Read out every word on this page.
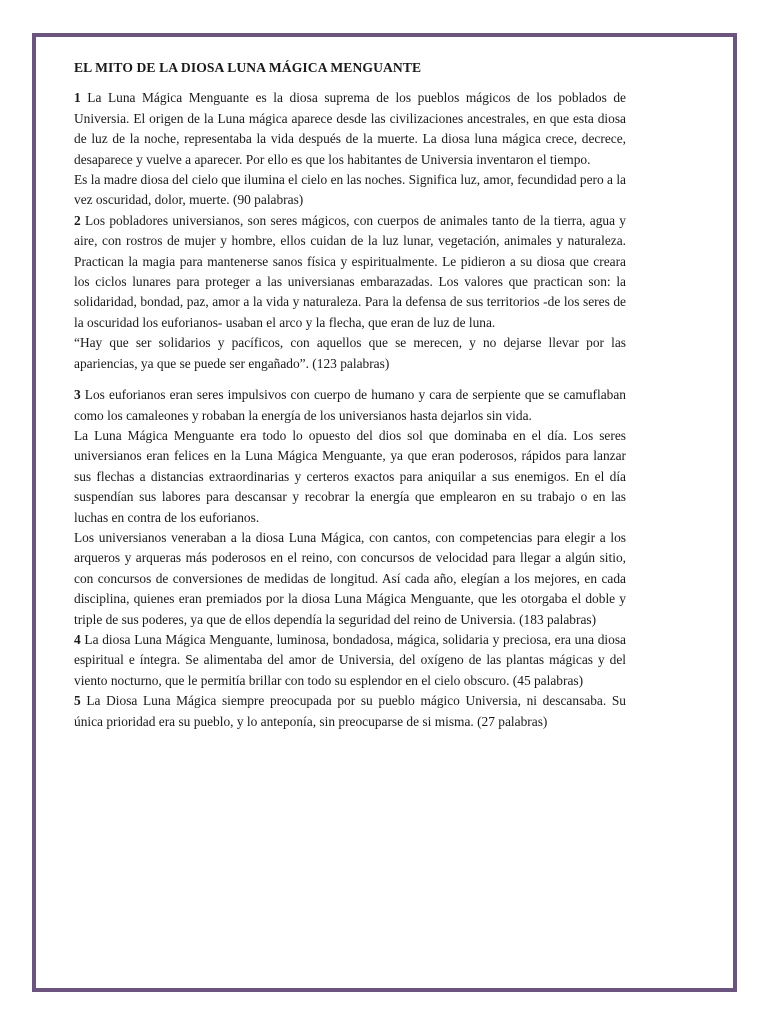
EL MITO DE LA DIOSA LUNA MÁGICA MENGUANTE

1 La Luna Mágica Menguante es la diosa suprema de los pueblos mágicos de los poblados de Universia. El origen de la Luna mágica aparece desde las civilizaciones ancestrales, en que esta diosa de luz de la noche, representaba la vida después de la muerte. La diosa luna mágica crece, decrece, desaparece y vuelve a aparecer. Por ello es que los habitantes de Universia inventaron el tiempo.

Es la madre diosa del cielo que ilumina el cielo en las noches. Significa luz, amor, fecundidad pero a la vez oscuridad, dolor, muerte. (90 palabras)

2 Los pobladores universianos, son seres mágicos, con cuerpos de animales tanto de la tierra, agua y aire, con rostros de mujer y hombre, ellos cuidan de la luz lunar, vegetación, animales y naturaleza. Practican la magia para mantenerse sanos física y espiritualmente. Le pidieron a su diosa que creara los ciclos lunares para proteger a las universianas embarazadas. Los valores que practican son: la solidaridad, bondad, paz, amor a la vida y naturaleza. Para la defensa de sus territorios -de los seres de la oscuridad los euforianos- usaban el arco y la flecha, que eran de luz de luna.

“Hay que ser solidarios y pacíficos, con aquellos que se merecen, y no dejarse llevar por las apariencias, ya que se puede ser engañado”. (123 palabras)

3 Los euforianos eran seres impulsivos con cuerpo de humano y cara de serpiente que se camuflaban como los camaleones y robaban la energía de los universianos hasta dejarlos sin vida.

La Luna Mágica Menguante era todo lo opuesto del dios sol que dominaba en el día. Los seres universianos eran felices en la Luna Mágica Menguante, ya que eran poderosos, rápidos para lanzar sus flechas a distancias extraordinarias y certeros exactos para aniquilar a sus enemigos. En el día suspendían sus labores para descansar y recobrar la energía que emplearon en su trabajo o en las luchas en contra de los euforianos.

Los universianos veneraban a la diosa Luna Mágica, con cantos, con competencias para elegir a los arqueros y arqueras más poderosos en el reino, con concursos de velocidad para llegar a algún sitio, con concursos de conversiones de medidas de longitud. Así cada año, elegían a los mejores, en cada disciplina, quienes eran premiados por la diosa Luna Mágica Menguante, que les otorgaba el doble y triple de sus poderes, ya que de ellos dependía la seguridad del reino de Universia. (183 palabras)

4 La diosa Luna Mágica Menguante, luminosa, bondadosa, mágica, solidaria y preciosa, era una diosa espiritual e íntegra. Se alimentaba del amor de Universia, del oxígeno de las plantas mágicas y del viento nocturno, que le permitía brillar con todo su esplendor en el cielo obscuro. (45 palabras)

5 La Diosa Luna Mágica siempre preocupada por su pueblo mágico Universia, ni descansaba. Su única prioridad era su pueblo, y lo anteponía, sin preocuparse de si misma. (27 palabras)
